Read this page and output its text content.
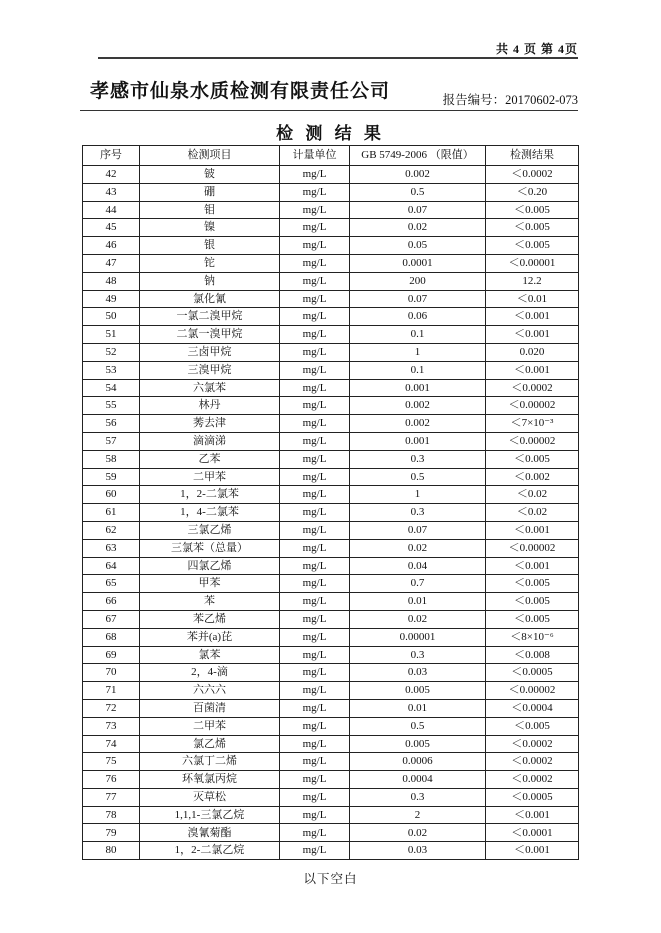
共 4 页 第 4页
孝感市仙泉水质检测有限责任公司	报告编号：20170602-073
检 测 结 果
序号	检测项目	计量单位	GB 5749-2006 （限值）	检测结果
42	铍	mg/L	0.002	＜0.0002
43	硼	mg/L	0.5	＜0.20
44	钼	mg/L	0.07	＜0.005
45	镍	mg/L	0.02	＜0.005
46	银	mg/L	0.05	＜0.005
47	铊	mg/L	0.0001	＜0.00001
48	钠	mg/L	200	12.2
49	氯化氰	mg/L	0.07	＜0.01
50	一氯二溴甲烷	mg/L	0.06	＜0.001
51	二氯一溴甲烷	mg/L	0.1	＜0.001
52	三卤甲烷	mg/L	1	0.020
53	三溴甲烷	mg/L	0.1	＜0.001
54	六氯苯	mg/L	0.001	＜0.0002
55	林丹	mg/L	0.002	＜0.00002
56	莠去津	mg/L	0.002	＜7×10⁻³
57	滴滴涕	mg/L	0.001	＜0.00002
58	乙苯	mg/L	0.3	＜0.005
59	二甲苯	mg/L	0.5	＜0.002
60	1，2-二氯苯	mg/L	1	＜0.02
61	1，4-二氯苯	mg/L	0.3	＜0.02
62	三氯乙烯	mg/L	0.07	＜0.001
63	三氯苯（总量）	mg/L	0.02	＜0.00002
64	四氯乙烯	mg/L	0.04	＜0.001
65	甲苯	mg/L	0.7	＜0.005
66	苯	mg/L	0.01	＜0.005
67	苯乙烯	mg/L	0.02	＜0.005
68	苯并(a)芘	mg/L	0.00001	＜8×10⁻⁶
69	氯苯	mg/L	0.3	＜0.008
70	2，4-滴	mg/L	0.03	＜0.0005
71	六六六	mg/L	0.005	＜0.00002
72	百菌清	mg/L	0.01	＜0.0004
73	二甲苯	mg/L	0.5	＜0.005
74	氯乙烯	mg/L	0.005	＜0.0002
75	六氯丁二烯	mg/L	0.0006	＜0.0002
76	环氧氯丙烷	mg/L	0.0004	＜0.0002
77	灭草松	mg/L	0.3	＜0.0005
78	1,1,1-三氯乙烷	mg/L	2	＜0.001
79	溴氰菊酯	mg/L	0.02	＜0.0001
80	1，2-二氯乙烷	mg/L	0.03	＜0.001
以下空白
